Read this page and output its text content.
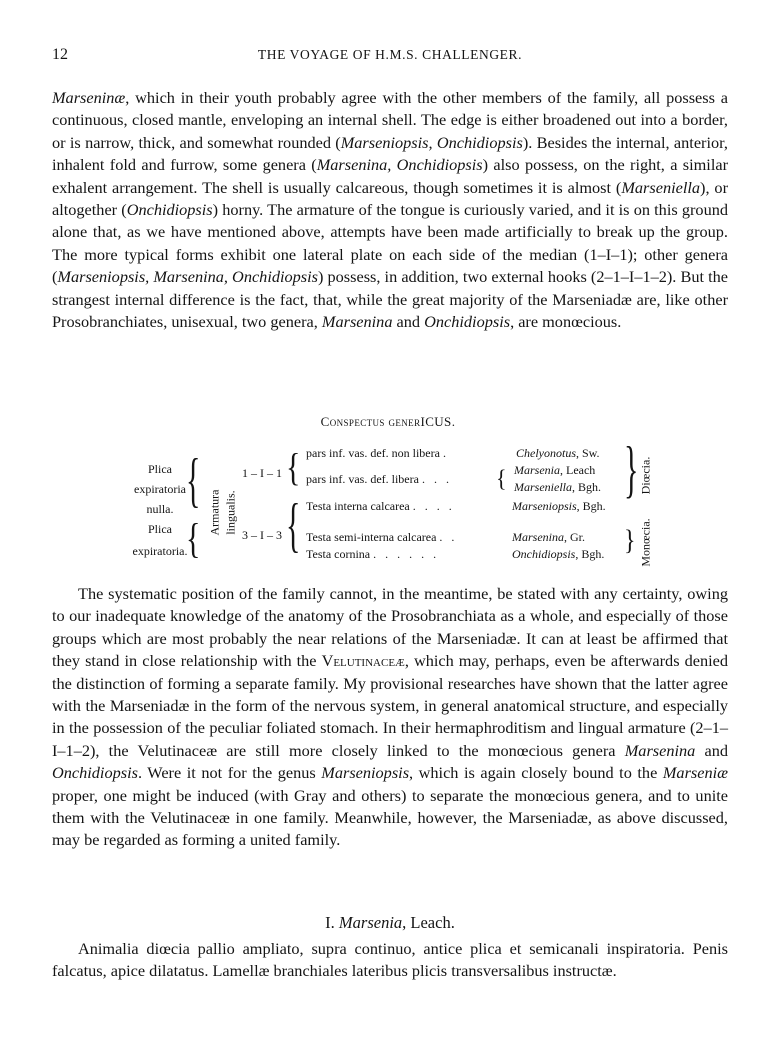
12	THE VOYAGE OF H.M.S. CHALLENGER.

Marseninæ, which in their youth probably agree with the other members of the family, all possess a continuous, closed mantle, enveloping an internal shell. The edge is either broadened out into a border, or is narrow, thick, and somewhat rounded (Marseniopsis, Onchidiopsis). Besides the internal, anterior, inhalent fold and furrow, some genera (Marsenina, Onchidiopsis) also possess, on the right, a similar exhalent arrangement. The shell is usually calcareous, though sometimes it is almost (Marseniella), or altogether (Onchidiopsis) horny. The armature of the tongue is curiously varied, and it is on this ground alone that, as we have mentioned above, attempts have been made artificially to break up the group. The more typical forms exhibit one lateral plate on each side of the median (1–I–1); other genera (Marseniopsis, Marsenina, Onchidiopsis) possess, in addition, two external hooks (2–1–I–1–2). But the strangest internal difference is the fact, that, while the great majority of the Marseniadæ are, like other Prosobranchiates, unisexual, two genera, Marsenina and Onchidiopsis, are monœcious.

Conspectus generICUS.
Plica
expiratoria
nulla. {
Plica
expiratoria.
{
Armatura lingualis.
1 – I – 1 {
3 – I – 3 {
pars inf. vas. def. non libera .
pars inf. vas. def. libera . . .
Testa interna calcarea . . . .
Testa semi-interna calcarea . .
Testa cornina . . . . . .
Chelyonotus, Sw.
{ Marsenia, Leach
Marseniella, Bgh.
Marseniopsis, Bgh.
Marsenina, Gr.
Onchidiopsis, Bgh.
} Diœcia.
} Monœcia.

The systematic position of the family cannot, in the meantime, be stated with any certainty, owing to our inadequate knowledge of the anatomy of the Prosobranchiata as a whole, and especially of those groups which are most probably the near relations of the Marseniadæ. It can at least be affirmed that they stand in close relationship with the Velutinaceæ, which may, perhaps, even be afterwards denied the distinction of forming a separate family. My provisional researches have shown that the latter agree with the Marseniadæ in the form of the nervous system, in general anatomical structure, and especially in the possession of the peculiar foliated stomach. In their hermaphroditism and lingual armature (2–1–I–1–2), the Velutinaceæ are still more closely linked to the monœcious genera Marsenina and Onchidiopsis. Were it not for the genus Marseniopsis, which is again closely bound to the Marseniæ proper, one might be induced (with Gray and others) to separate the monœcious genera, and to unite them with the Velutinaceæ in one family. Meanwhile, however, the Marseniadæ, as above discussed, may be regarded as forming a united family.

I. Marsenia, Leach.

Animalia diœcia pallio ampliato, supra continuo, antice plica et semicanali inspiratoria. Penis falcatus, apice dilatatus. Lamellæ branchiales lateribus plicis transversalibus instructæ.
